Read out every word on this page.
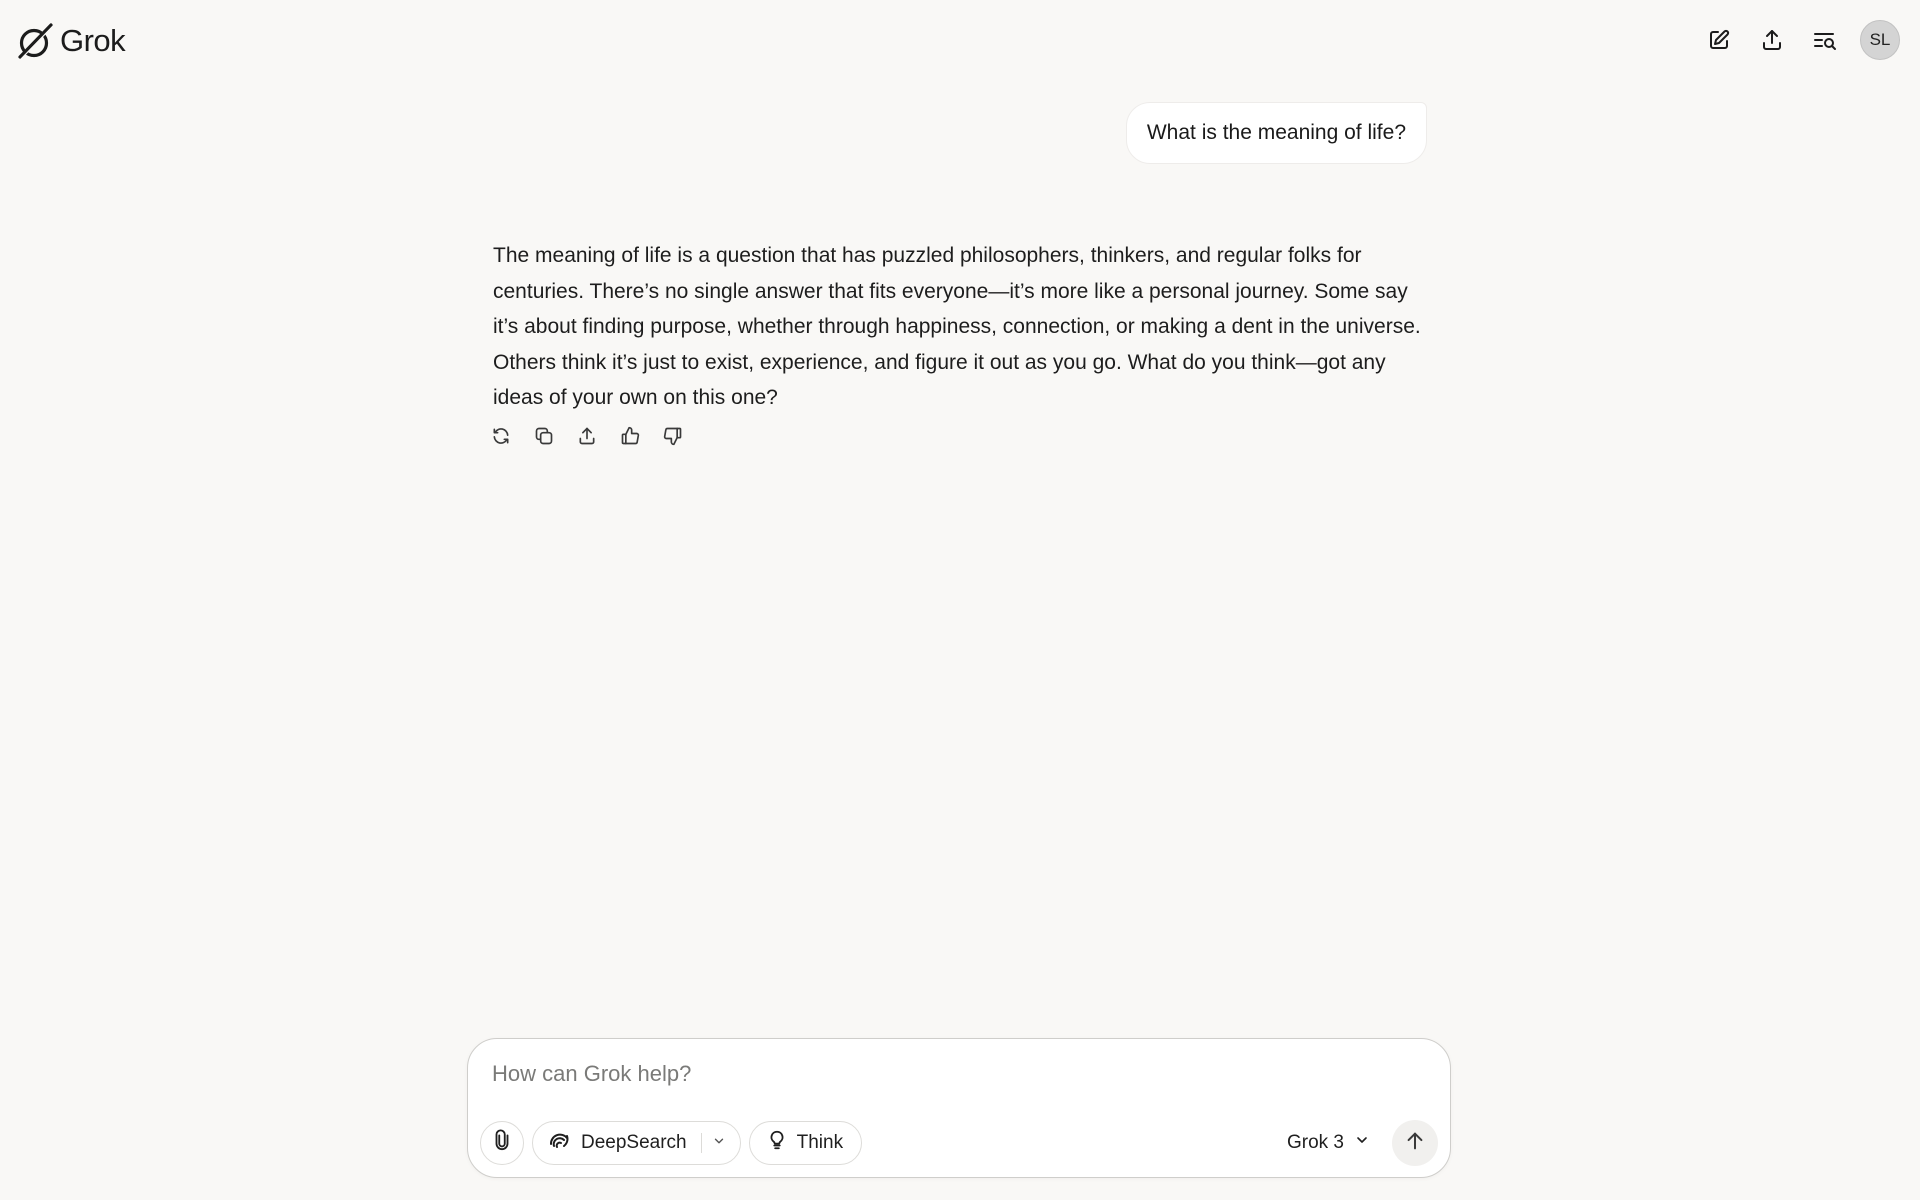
Grok	SL
What is the meaning of life?
The meaning of life is a question that has puzzled philosophers, thinkers, and regular folks for centuries. There’s no single answer that fits everyone—it’s more like a personal journey. Some say it’s about finding purpose, whether through happiness, connection, or making a dent in the universe. Others think it’s just to exist, experience, and figure it out as you go. What do you think—got any ideas of your own on this one?
How can Grok help?
DeepSearch	Think	Grok 3
